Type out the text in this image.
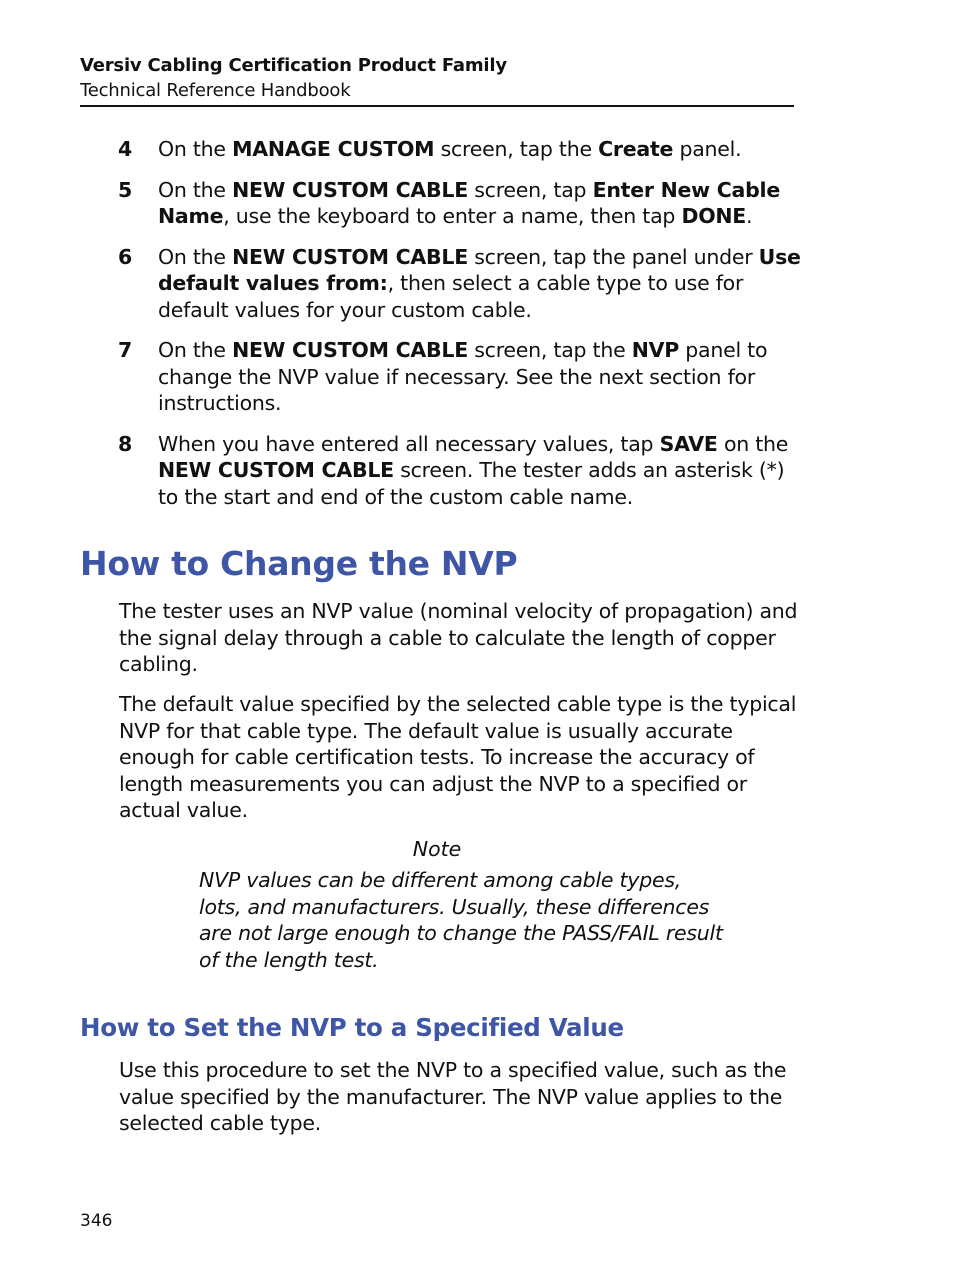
Versiv Cabling Certification Product Family
Technical Reference Handbook
4	On the MANAGE CUSTOM screen, tap the Create panel.
5	On the NEW CUSTOM CABLE screen, tap Enter New Cable Name, use the keyboard to enter a name, then tap DONE.
6	On the NEW CUSTOM CABLE screen, tap the panel under Use default values from:, then select a cable type to use for default values for your custom cable.
7	On the NEW CUSTOM CABLE screen, tap the NVP panel to change the NVP value if necessary. See the next section for instructions.
8	When you have entered all necessary values, tap SAVE on the NEW CUSTOM CABLE screen. The tester adds an asterisk (*) to the start and end of the custom cable name.
How to Change the NVP

The tester uses an NVP value (nominal velocity of propagation) and the signal delay through a cable to calculate the length of copper cabling.

The default value specified by the selected cable type is the typical NVP for that cable type. The default value is usually accurate enough for cable certification tests. To increase the accuracy of length measurements you can adjust the NVP to a specified or actual value.

Note
NVP values can be different among cable types, lots, and manufacturers. Usually, these differences are not large enough to change the PASS/FAIL result of the length test.
How to Set the NVP to a Specified Value

Use this procedure to set the NVP to a specified value, such as the value specified by the manufacturer. The NVP value applies to the selected cable type.

346
